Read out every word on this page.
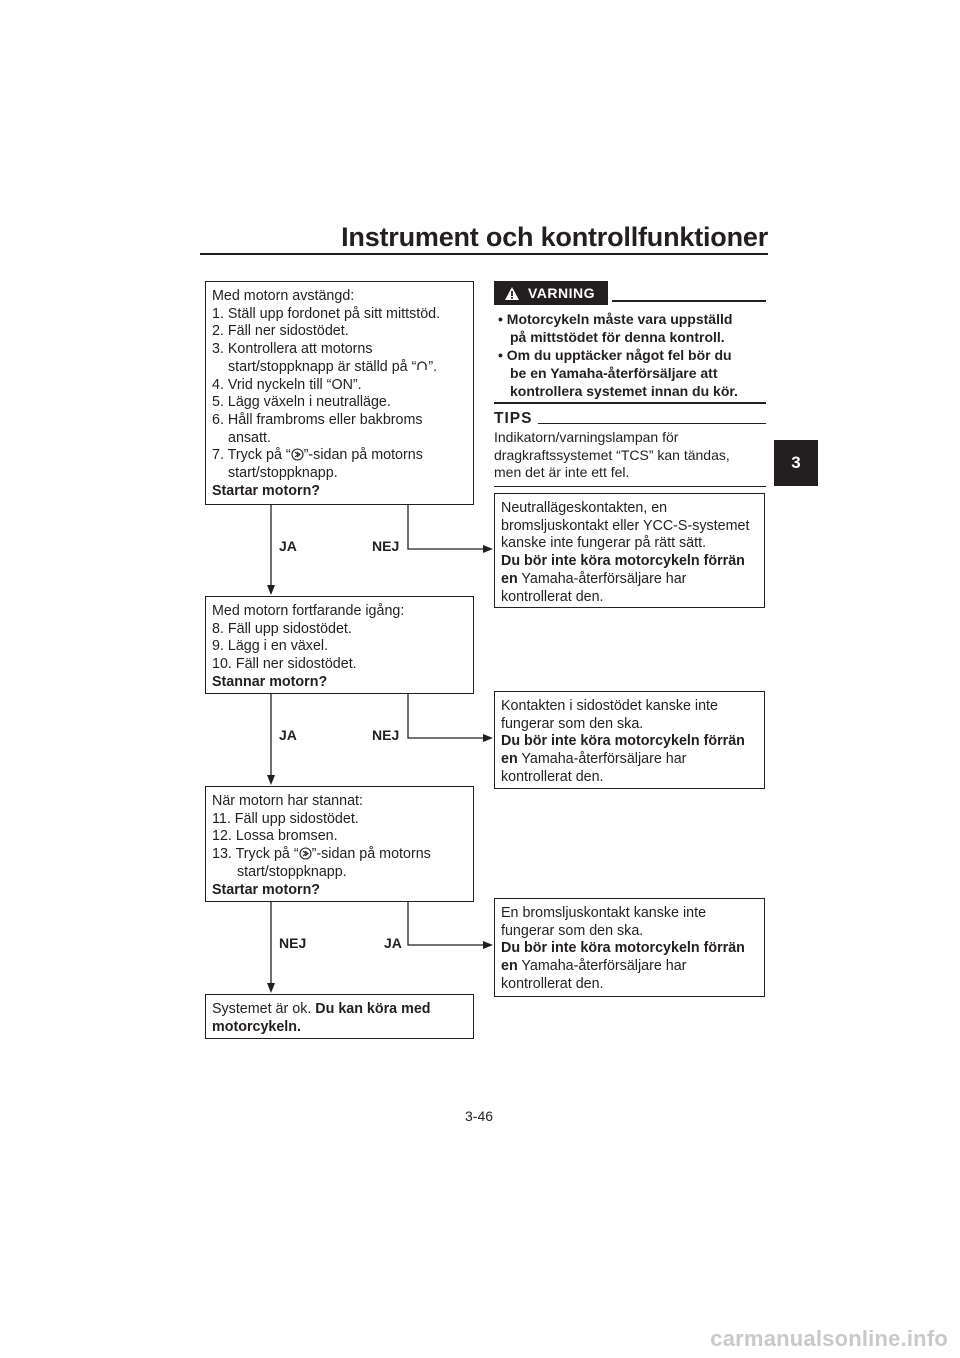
Instrument och kontrollfunktioner
3
Med motorn avstängd:
1. Ställ upp fordonet på sitt mittstöd.
2. Fäll ner sidostödet.
3. Kontrollera att motorns
start/stoppknapp är ställd på “ ”.
4. Vrid nyckeln till “ON”.
5. Lägg växeln i neutralläge.
6. Håll frambroms eller bakbroms
ansatt.
7. Tryck på “ ”-sidan på motorns
start/stoppknapp.
Startar motorn?
JA	NEJ
Neutrallägeskontakten, en
bromsljuskontakt eller YCC-S-systemet
kanske inte fungerar på rätt sätt.
Du bör inte köra motorcykeln förrän
en Yamaha-återförsäljare har
kontrollerat den.
Med motorn fortfarande igång:
8. Fäll upp sidostödet.
9. Lägg i en växel.
10. Fäll ner sidostödet.
Stannar motorn?
JA	NEJ
Kontakten i sidostödet kanske inte
fungerar som den ska.
Du bör inte köra motorcykeln förrän
en Yamaha-återförsäljare har
kontrollerat den.
När motorn har stannat:
11. Fäll upp sidostödet.
12. Lossa bromsen.
13. Tryck på “ ”-sidan på motorns
start/stoppknapp.
Startar motorn?
NEJ	JA
En bromsljuskontakt kanske inte
fungerar som den ska.
Du bör inte köra motorcykeln förrän
en Yamaha-återförsäljare har
kontrollerat den.
Systemet är ok. Du kan köra med
motorcykeln.
VARNING
• Motorcykeln måste vara uppställd
på mittstödet för denna kontroll.
• Om du upptäcker något fel bör du
be en Yamaha-återförsäljare att
kontrollera systemet innan du kör.
TIPS
Indikatorn/varningslampan för
dragkraftssystemet “TCS” kan tändas,
men det är inte ett fel.
3-46
carmanualsonline.info
